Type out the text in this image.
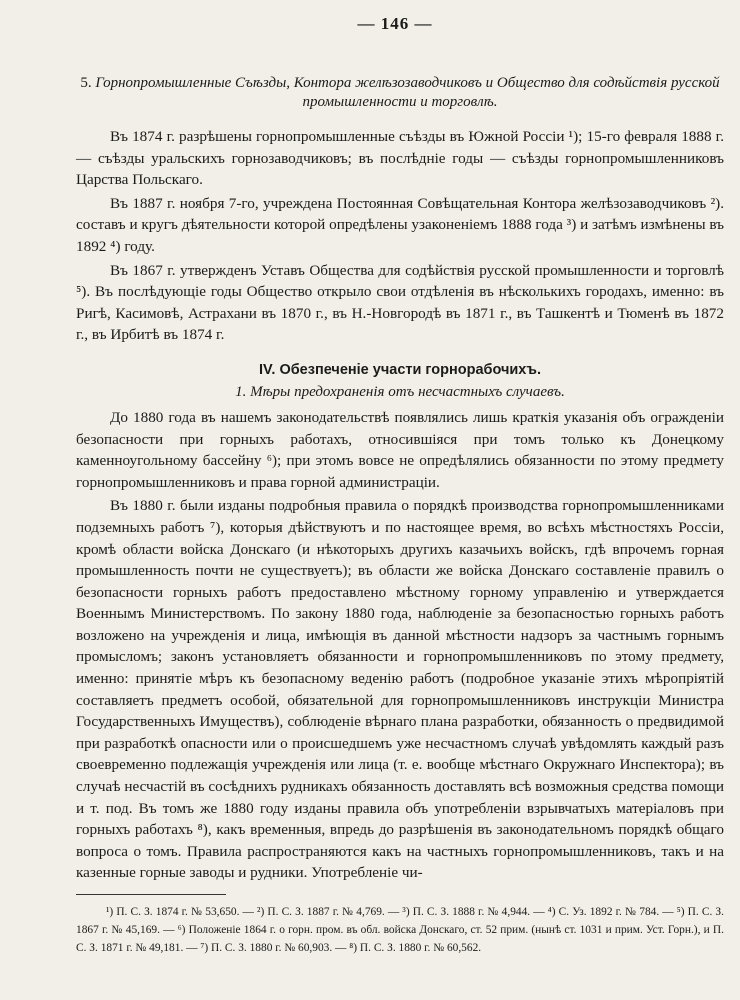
— 146 —
5. Горнопромышленные Съѣзды, Контора желѣзозаводчиковъ и Общество для содѣйствія русской промышленности и торговлѣ.

Въ 1874 г. разрѣшены горнопромышленные съѣзды въ Южной Россіи ¹); 15-го февраля 1888 г. — съѣзды уральскихъ горнозаводчиковъ; въ послѣдніе годы — съѣзды горнопромышленниковъ Царства Польскаго.

Въ 1887 г. ноября 7-го, учреждена Постоянная Совѣщательная Контора желѣзозаводчиковъ ²). составъ и кругъ дѣятельности которой опредѣлены узаконеніемъ 1888 года ³) и затѣмъ измѣнены въ 1892 ⁴) году.

Въ 1867 г. утвержденъ Уставъ Общества для содѣйствія русской промышленности и торговлѣ ⁵). Въ послѣдующіе годы Общество открыло свои отдѣленія въ нѣсколькихъ городахъ, именно: въ Ригѣ, Касимовѣ, Астрахани въ 1870 г., въ Н.-Новгородѣ въ 1871 г., въ Ташкентѣ и Тюменѣ въ 1872 г., въ Ирбитѣ въ 1874 г.

IV. Обезпеченіе участи горнорабочихъ.
1. Мѣры предохраненія отъ несчастныхъ случаевъ.

До 1880 года въ нашемъ законодательствѣ появлялись лишь краткія указанія объ огражденіи безопасности при горныхъ работахъ, относившіяся при томъ только къ Донецкому каменноугольному бассейну ⁶); при этомъ вовсе не опредѣлялись обязанности по этому предмету горнопромышленниковъ и права горной администраціи.

Въ 1880 г. были изданы подробныя правила о порядкѣ производства горнопромышленниками подземныхъ работъ ⁷), которыя дѣйствуютъ и по настоящее время, во всѣхъ мѣстностяхъ Россіи, кромѣ области войска Донскаго (и нѣкоторыхъ другихъ казачьихъ войскъ, гдѣ впрочемъ горная промышленность почти не существуетъ); въ области же войска Донскаго составленіе правилъ о безопасности горныхъ работъ предоставлено мѣстному горному управленію и утверждается Военнымъ Министерствомъ. По закону 1880 года, наблюденіе за безопасностью горныхъ работъ возложено на учрежденія и лица, имѣющія въ данной мѣстности надзоръ за частнымъ горнымъ промысломъ; законъ установляетъ обязанности и горнопромышленниковъ по этому предмету, именно: принятіе мѣръ къ безопасному веденію работъ (подробное указаніе этихъ мѣропріятій составляетъ предметъ особой, обязательной для горнопромышленниковъ инструкціи Министра Государственныхъ Имуществъ), соблюденіе вѣрнаго плана разработки, обязанность о предвидимой при разработкѣ опасности или о происшедшемъ уже несчастномъ случаѣ увѣдомлять каждый разъ своевременно подлежащія учрежденія или лица (т. е. вообще мѣстнаго Окружнаго Инспектора); въ случаѣ несчастій въ сосѣднихъ рудникахъ обязанность доставлять всѣ возможныя средства помощи и т. под. Въ томъ же 1880 году изданы правила объ употребленіи взрывчатыхъ матеріаловъ при горныхъ работахъ ⁸), какъ временныя, впредь до разрѣшенія въ законодательномъ порядкѣ общаго вопроса о томъ. Правила распространяются какъ на частныхъ горнопромышленниковъ, такъ и на казенные горные заводы и рудники. Употребленіе чи-

¹) П. С. З. 1874 г. № 53,650. — ²) П. С. З. 1887 г. № 4,769. — ³) П. С. З. 1888 г. № 4,944. — ⁴) С. Уз. 1892 г. № 784. — ⁵) П. С. З. 1867 г. № 45,169. — ⁶) Положеніе 1864 г. о горн. пром. въ обл. войска Донскаго, ст. 52 прим. (нынѣ ст. 1031 и прим. Уст. Горн.), и П. С. З. 1871 г. № 49,181. — ⁷) П. С. З. 1880 г. № 60,903. — ⁸) П. С. З. 1880 г. № 60,562.
